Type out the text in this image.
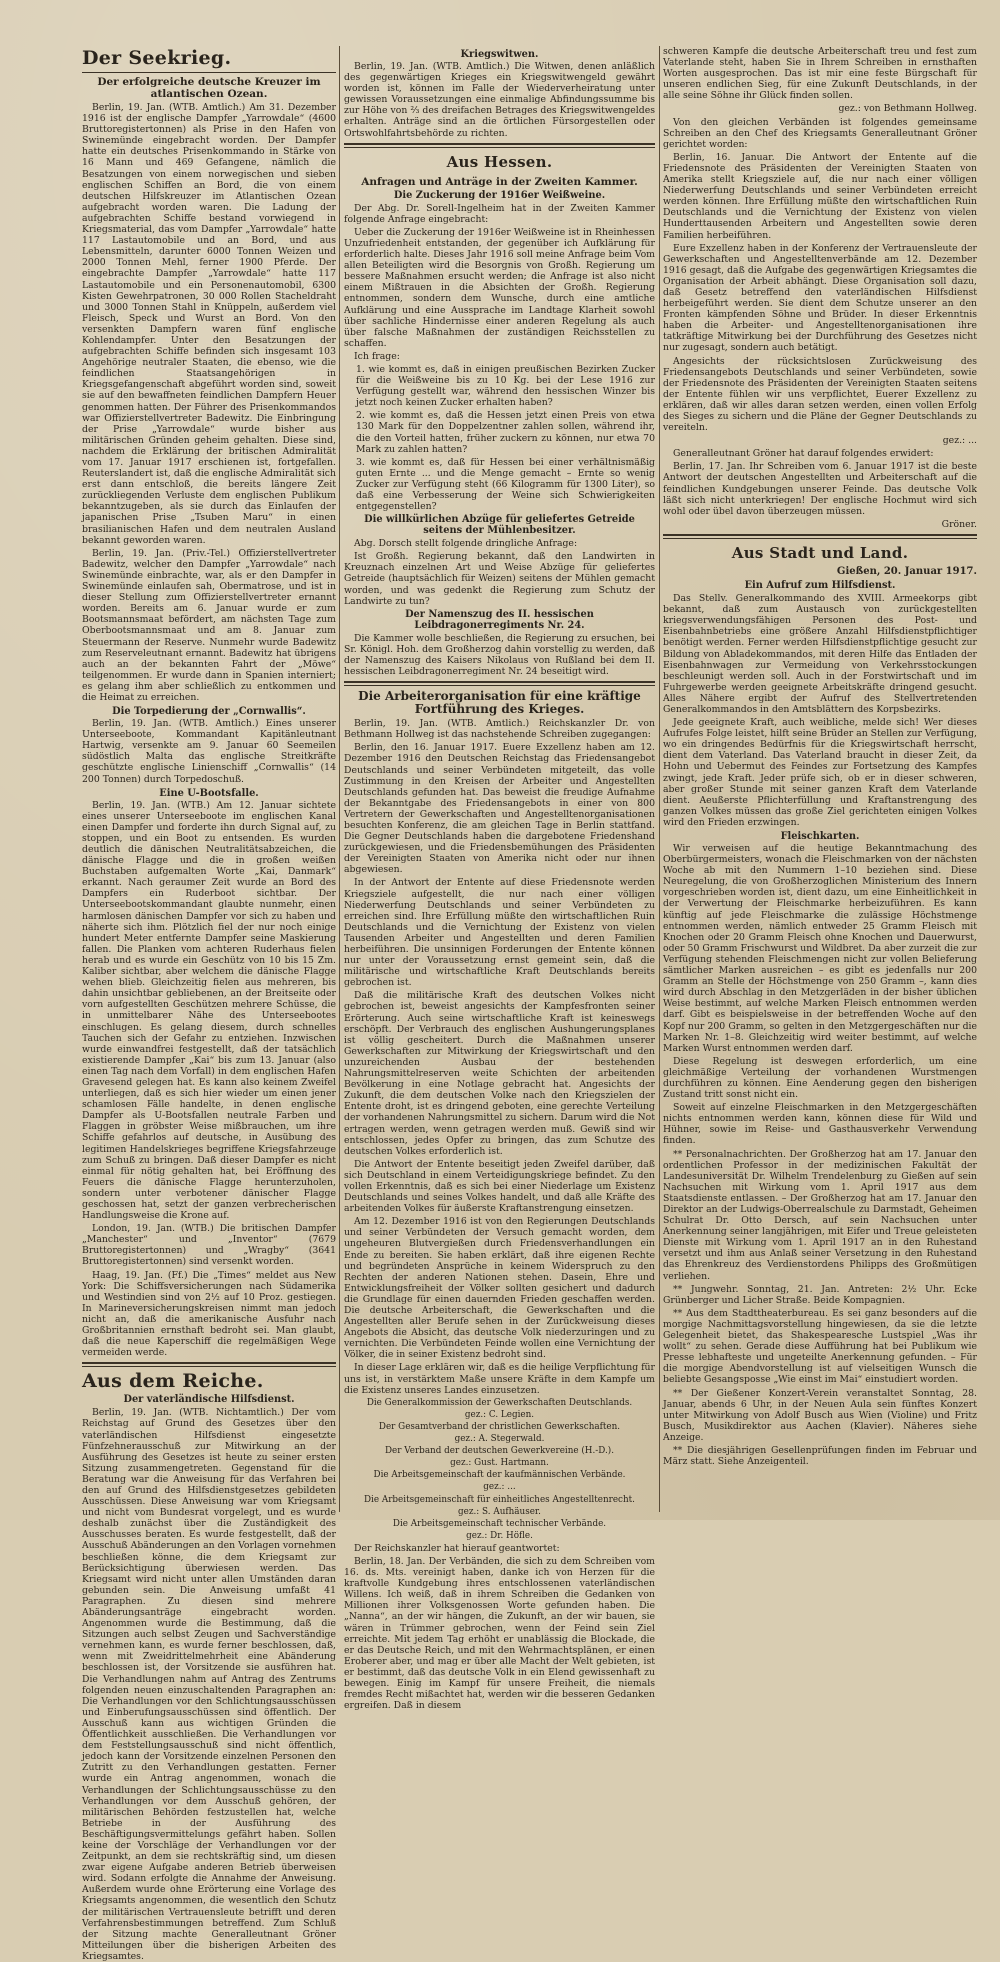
Der Seekrieg.
Der erfolgreiche deutsche Kreuzer im atlantischen Ozean.

Berlin, 19. Jan. (WTB. Amtlich.) Am 31. Dezember 1916 ist der englische Dampfer „Yarrowdale“ (4600 Bruttoregistertonnen) als Prise in den Hafen von Swinemünde eingebracht worden. Der Dampfer hatte ein deutsches Prisenkommando in Stärke von 16 Mann und 469 Gefangene, nämlich die Besatzungen von einem norwegischen und sieben englischen Schiffen an Bord, die von einem deutschen Hilfskreuzer im Atlantischen Ozean aufgebracht worden waren. Die Ladung der aufgebrachten Schiffe bestand vorwiegend in Kriegsmaterial, das vom Dampfer „Yarrowdale“ hatte 117 Lastautomobile und an Bord, und aus Lebensmitteln, darunter 6000 Tonnen Weizen und 2000 Tonnen Mehl, ferner 1900 Pferde. Der eingebrachte Dampfer „Yarrowdale“ hatte 117 Lastautomobile und ein Personenautomobil, 6300 Kisten Gewehrpatronen, 30 000 Rollen Stacheldraht und 3000 Tonnen Stahl in Knüppeln, außerdem viel Fleisch, Speck und Wurst an Bord. Von den versenkten Dampfern waren fünf englische Kohlendampfer. Unter den Besatzungen der aufgebrachten Schiffe befinden sich insgesamt 103 Angehörige neutraler Staaten, die ebenso, wie die feindlichen Staatsangehörigen in Kriegsgefangenschaft abgeführt worden sind, soweit sie auf den bewaffneten feindlichen Dampfern Heuer genommen hatten. Der Führer des Prisenkommandos war Offizierstellvertreter Badewitz. Die Einbringung der Prise „Yarrowdale“ wurde bisher aus militärischen Gründen geheim gehalten. Diese sind, nachdem die Erklärung der britischen Admiralität vom 17. Januar 1917 erschienen ist, fortgefallen. Reuterslandert ist, daß die englische Admiralität sich erst dann entschloß, die bereits längere Zeit zurückliegenden Verluste dem englischen Publikum bekanntzugeben, als sie durch das Einlaufen der japanischen Prise „Tsuben Maru“ in einen brasilianischen Hafen und dem neutralen Ausland bekannt geworden waren.

Berlin, 19. Jan. (Priv.-Tel.) Offizierstellvertreter Badewitz, welcher den Dampfer „Yarrowdale“ nach Swinemünde einbrachte, war, als er den Dampfer in Swinemünde einlaufen sah, Obermatrose, und ist in dieser Stellung zum Offizierstellvertreter ernannt worden. Bereits am 6. Januar wurde er zum Bootsmannsmaat befördert, am nächsten Tage zum Oberbootsmannsmaat und am 8. Januar zum Steuermann der Reserve. Nunmehr wurde Badewitz zum Reserveleutnant ernannt. Badewitz hat übrigens auch an der bekannten Fahrt der „Möwe“ teilgenommen. Er wurde dann in Spanien interniert; es gelang ihm aber schließlich zu entkommen und die Heimat zu erreichen.

Die Torpedierung der „Cornwallis“.

Berlin, 19. Jan. (WTB. Amtlich.) Eines unserer Unterseeboote, Kommandant Kapitänleutnant Hartwig, versenkte am 9. Januar 60 Seemeilen südöstlich Malta das englische Streitkräfte geschützte englische Linienschiff „Cornwallis“ (14 200 Tonnen) durch Torpedoschuß.

Eine U-Bootsfalle.

Berlin, 19. Jan. (WTB.) Am 12. Januar sichtete eines unserer Unterseeboote im englischen Kanal einen Dampfer und forderte ihn durch Signal auf, zu stoppen, und ein Boot zu entsenden. Es wurden deutlich die dänischen Neutralitätsabzeichen, die dänische Flagge und die in großen weißen Buchstaben aufgemalten Worte „Kai, Danmark“ erkannt. Nach geraumer Zeit wurde an Bord des Dampfers ein Ruderboot sichtbar. Der Unterseebootskommandant glaubte nunmehr, einen harmlosen dänischen Dampfer vor sich zu haben und näherte sich ihm. Plötzlich fiel der nur noch einige hundert Meter entfernte Dampfer seine Maskierung fallen. Die Planken vom achteren Ruderhaus fielen herab und es wurde ein Geschütz von 10 bis 15 Zm. Kaliber sichtbar, aber welchem die dänische Flagge wehen blieb. Gleichzeitig fielen aus mehreren, bis dahin unsichtbar gebliebenen, an der Breitseite oder vorn aufgestellten Geschützen mehrere Schüsse, die in unmittelbarer Nähe des Unterseebootes einschlugen. Es gelang diesem, durch schnelles Tauchen sich der Gefahr zu entziehen. Inzwischen wurde einwandfrei festgestellt, daß der tatsächlich existierende Dampfer „Kai“ bis zum 13. Januar (also einen Tag nach dem Vorfall) in dem englischen Hafen Gravesend gelegen hat. Es kann also keinem Zweifel unterliegen, daß es sich hier wieder um einen jener schamlosen Fälle handelte, in denen englische Dampfer als U-Bootsfallen neutrale Farben und Flaggen in gröbster Weise mißbrauchen, um ihre Schiffe gefahrlos auf deutsche, in Ausübung des legitimen Handelskrieges begriffene Kriegsfahrzeuge zum Schuß zu bringen. Daß dieser Dampfer es nicht einmal für nötig gehalten hat, bei Eröffnung des Feuers die dänische Flagge herunterzuholen, sondern unter verbotener dänischer Flagge geschossen hat, setzt der ganzen verbrecherischen Handlungsweise die Krone auf.

London, 19. Jan. (WTB.) Die britischen Dampfer „Manchester“ und „Inventor“ (7679 Bruttoregistertonnen) und „Wragby“ (3641 Bruttoregistertonnen) sind versenkt worden.

Haag, 19. Jan. (Ff.) Die „Times“ meldet aus New York: Die Schiffsversicherungen nach Südamerika und Westindien sind von 2½ auf 10 Proz. gestiegen. In Marineversicherungskreisen nimmt man jedoch nicht an, daß die amerikanische Ausfuhr nach Großbritannien ernsthaft bedroht sei. Man glaubt, daß die neue Kaperschiff die regelmäßigen Wege vermeiden werde.

Aus dem Reiche.
Der vaterländische Hilfsdienst.

Berlin, 19. Jan. (WTB. Nichtamtlich.) Der vom Reichstag auf Grund des Gesetzes über den vaterländischen Hilfsdienst eingesetzte Fünfzehnerausschuß zur Mitwirkung an der Ausführung des Gesetzes ist heute zu seiner ersten Sitzung zusammengetreten. Gegenstand für die Beratung war die Anweisung für das Verfahren bei den auf Grund des Hilfsdienstgesetzes gebildeten Ausschüssen. Diese Anweisung war vom Kriegsamt und nicht vom Bundesrat vorgelegt, und es wurde deshalb zunächst über die Zuständigkeit des Ausschusses beraten. Es wurde festgestellt, daß der Ausschuß Abänderungen an den Vorlagen vornehmen beschließen könne, die dem Kriegsamt zur Berücksichtigung überwiesen werden. Das Kriegsamt wird nicht unter allen Umständen daran gebunden sein. Die Anweisung umfaßt 41 Paragraphen. Zu diesen sind mehrere Abänderungsanträge eingebracht worden. Angenommen wurde die Bestimmung, daß die Sitzungen auch selbst Zeugen und Sachverständige vernehmen kann, es wurde ferner beschlossen, daß, wenn mit Zweidrittelmehrheit eine Abänderung beschlossen ist, der Vorsitzende sie ausführen hat. Die Verhandlungen nahm auf Antrag des Zentrums folgenden neuen einzuschaltenden Paragraphen an: Die Verhandlungen vor den Schlichtungsausschüssen und Einberufungsausschüssen sind öffentlich. Der Ausschuß kann aus wichtigen Gründen die Öffentlichkeit ausschließen. Die Verhandlungen vor dem Feststellungsausschuß sind nicht öffentlich, jedoch kann der Vorsitzende einzelnen Personen den Zutritt zu den Verhandlungen gestatten. Ferner wurde ein Antrag angenommen, wonach die Verhandlungen der Schlichtungsausschüsse zu den Verhandlungen vor dem Ausschuß gehören, der militärischen Behörden festzustellen hat, welche Betriebe in der Ausführung des Beschäftigungsvermittelungs gefährt haben. Sollen keine der Vorschläge der Verhandlungen vor der Zeitpunkt, an dem sie rechtskräftig sind, um diesen zwar eigene Aufgabe anderen Betrieb überweisen wird. Sodann erfolgte die Annahme der Anweisung. Außerdem wurde ohne Erörterung eine Vorlage des Kriegsamts angenommen, die wesentlich den Schutz der militärischen Vertrauensleute betrifft und deren Verfahrensbestimmungen betreffend. Zum Schluß der Sitzung machte Generalleutnant Gröner Mitteilungen über die bisherigen Arbeiten des Kriegsamtes.

Kriegswitwen.

Berlin, 19. Jan. (WTB. Amtlich.) Die Witwen, denen anläßlich des gegenwärtigen Krieges ein Kriegswitwengeld gewährt worden ist, können im Falle der Wiederverheiratung unter gewissen Voraussetzungen eine einmalige Abfindungssumme bis zur Höhe von ⅔ des dreifachen Betrages des Kriegswitwengeldes erhalten. Anträge sind an die örtlichen Fürsorgestellen oder Ortswohlfahrtsbehörde zu richten.

Aus Hessen.
Anfragen und Anträge in der Zweiten Kammer.
Die Zuckerung der 1916er Weißweine.

Der Abg. Dr. Sorell-Ingelheim hat in der Zweiten Kammer folgende Anfrage eingebracht:

Ueber die Zuckerung der 1916er Weißweine ist in Rheinhessen Unzufriedenheit entstanden, der gegenüber ich Aufklärung für erforderlich halte. Dieses Jahr 1916 soll meine Anfrage beim Vom allen Beteiligten wird die Besorgnis von Großh. Regierung um bessere Maßnahmen ersucht werden; die Anfrage ist also nicht einem Mißtrauen in die Absichten der Großh. Regierung entnommen, sondern dem Wunsche, durch eine amtliche Aufklärung und eine Aussprache im Landtage Klarheit sowohl über sachliche Hindernisse einer anderen Regelung als auch über falsche Maßnahmen der zuständigen Reichsstellen zu schaffen.

Ich frage:

1. wie kommt es, daß in einigen preußischen Bezirken Zucker für die Weißweine bis zu 10 Kg. bei der Lese 1916 zur Verfügung gestellt war, während den hessischen Winzer bis jetzt noch keinen Zucker erhalten haben?

2. wie kommt es, daß die Hessen jetzt einen Preis von etwa 130 Mark für den Doppelzentner zahlen sollen, während ihr, die den Vorteil hatten, früher zuckern zu können, nur etwa 70 Mark zu zahlen hatten?

3. wie kommt es, daß für Hessen bei einer verhältnismäßig guten Ernte ... und die Menge gemacht – Ernte so wenig Zucker zur Verfügung steht (66 Kilogramm für 1300 Liter), so daß eine Verbesserung der Weine sich Schwierigkeiten entgegenstellen?

Die willkürlichen Abzüge für geliefertes Getreide seitens der Mühlenbesitzer.

Abg. Dorsch stellt folgende dringliche Anfrage:

Ist Großh. Regierung bekannt, daß den Landwirten in Kreuznach einzelnen Art und Weise Abzüge für geliefertes Getreide (hauptsächlich für Weizen) seitens der Mühlen gemacht worden, und was gedenkt die Regierung zum Schutz der Landwirte zu tun?

Der Namenszug des II. hessischen Leibdragonerregiments Nr. 24.

Die Kammer wolle beschließen, die Regierung zu ersuchen, bei Sr. Königl. Hoh. dem Großherzog dahin vorstellig zu werden, daß der Namenszug des Kaisers Nikolaus von Rußland bei dem II. hessischen Leibdragonerregiment Nr. 24 beseitigt wird.

Die Arbeiterorganisation für eine kräftige Fortführung des Krieges.

Berlin, 19. Jan. (WTB. Amtlich.) Reichskanzler Dr. von Bethmann Hollweg ist das nachstehende Schreiben zugegangen:

Berlin, den 16. Januar 1917. Euere Exzellenz haben am 12. Dezember 1916 den Deutschen Reichstag das Friedensangebot Deutschlands und seiner Verbündeten mitgeteilt, das volle Zustimmung in den Kreisen der Arbeiter und Angestellten Deutschlands gefunden hat. Das beweist die freudige Aufnahme der Bekanntgabe des Friedensangebots in einer von 800 Vertretern der Gewerkschaften und Angestelltenorganisationen besuchten Konferenz, die am gleichen Tage in Berlin stattfand. Die Gegner Deutschlands haben die dargebotene Friedenshand zurückgewiesen, und die Friedensbemühungen des Präsidenten der Vereinigten Staaten von Amerika nicht oder nur ihnen abgewiesen.

In der Antwort der Entente auf diese Friedensnote werden Kriegsziele aufgestellt, die nur nach einer völligen Niederwerfung Deutschlands und seiner Verbündeten zu erreichen sind. Ihre Erfüllung müßte den wirtschaftlichen Ruin Deutschlands und die Vernichtung der Existenz von vielen Tausenden Arbeiter und Angestellten und deren Familien herbeiführen. Die unsinnigen Forderungen der Entente können nur unter der Voraussetzung ernst gemeint sein, daß die militärische und wirtschaftliche Kraft Deutschlands bereits gebrochen ist.

Daß die militärische Kraft des deutschen Volkes nicht gebrochen ist, beweist angesichts der Kampfesfronten seiner Erörterung. Auch seine wirtschaftliche Kraft ist keineswegs erschöpft. Der Verbrauch des englischen Aushungerungsplanes ist völlig gescheitert. Durch die Maßnahmen unserer Gewerkschaften zur Mitwirkung der Kriegswirtschaft und den unzureichenden Ausbau der bestehenden Nahrungsmittelreserven weite Schichten der arbeitenden Bevölkerung in eine Notlage gebracht hat. Angesichts der Zukunft, die dem deutschen Volke nach den Kriegszielen der Entente droht, ist es dringend geboten, eine gerechte Verteilung der vorhandenen Nahrungsmittel zu sichern. Darum wird die Not ertragen werden, wenn getragen werden muß. Gewiß sind wir entschlossen, jedes Opfer zu bringen, das zum Schutze des deutschen Volkes erforderlich ist.

Die Antwort der Entente beseitigt jeden Zweifel darüber, daß sich Deutschland in einem Verteidigungskriege befindet. Zu den vollen Erkenntnis, daß es sich bei einer Niederlage um Existenz Deutschlands und seines Volkes handelt, und daß alle Kräfte des arbeitenden Volkes für äußerste Kraftanstrengung einsetzen.

Am 12. Dezember 1916 ist von den Regierungen Deutschlands und seiner Verbündeten der Versuch gemacht worden, dem ungeheuren Blutvergießen durch Friedensverhandlungen ein Ende zu bereiten. Sie haben erklärt, daß ihre eigenen Rechte und begründeten Ansprüche in keinem Widerspruch zu den Rechten der anderen Nationen stehen. Dasein, Ehre und Entwicklungsfreiheit der Völker sollten gesichert und dadurch die Grundlage für einen dauernden Frieden geschaffen werden. Die deutsche Arbeiterschaft, die Gewerkschaften und die Angestellten aller Berufe sehen in der Zurückweisung dieses Angebots die Absicht, das deutsche Volk niederzuringen und zu vernichten. Die Verbündeten Feinde wollen eine Vernichtung der Völker, die in seiner Existenz bedroht sind.

In dieser Lage erklären wir, daß es die heilige Verpflichtung für uns ist, in verstärktem Maße unsere Kräfte in dem Kampfe um die Existenz unseres Landes einzusetzen.

Die Generalkommission der Gewerkschaften Deutschlands.
gez.: C. Legien.
Der Gesamtverband der christlichen Gewerkschaften.
gez.: A. Stegerwald.
Der Verband der deutschen Gewerkvereine (H.-D.).
gez.: Gust. Hartmann.
Die Arbeitsgemeinschaft der kaufmännischen Verbände.
gez.: ...
Die Arbeitsgemeinschaft für einheitliches Angestelltenrecht.
gez.: S. Aufhäuser.
Die Arbeitsgemeinschaft technischer Verbände.
gez.: Dr. Höfle.

Der Reichskanzler hat hierauf geantwortet:

Berlin, 18. Jan. Der Verbänden, die sich zu dem Schreiben vom 16. ds. Mts. vereinigt haben, danke ich von Herzen für die kraftvolle Kundgebung ihres entschlossenen vaterländischen Willens. Ich weiß, daß in ihrem Schreiben die Gedanken von Millionen ihrer Volksgenossen Worte gefunden haben. Die „Nanna“, an der wir hängen, die Zukunft, an der wir bauen, sie wären in Trümmer gebrochen, wenn der Feind sein Ziel erreichte. Mit jedem Tag erhöht er unablässig die Blockade, die er das Deutsche Reich, und mit den Wehrmachtsplänen, er einen Eroberer aber, und mag er über alle Macht der Welt gebieten, ist er bestimmt, daß das deutsche Volk in ein Elend gewissenhaft zu bewegen. Einig im Kampf für unsere Freiheit, die niemals fremdes Recht mißachtet hat, werden wir die besseren Gedanken ergreifen. Daß in diesem

schweren Kampfe die deutsche Arbeiterschaft treu und fest zum Vaterlande steht, haben Sie in Ihrem Schreiben in ernsthaften Worten ausgesprochen. Das ist mir eine feste Bürgschaft für unseren endlichen Sieg, für eine Zukunft Deutschlands, in der alle seine Söhne ihr Glück finden sollen.

gez.: von Bethmann Hollweg.

Von den gleichen Verbänden ist folgendes gemeinsame Schreiben an den Chef des Kriegsamts Generalleutnant Gröner gerichtet worden:

Berlin, 16. Januar. Die Antwort der Entente auf die Friedensnote des Präsidenten der Vereinigten Staaten von Amerika stellt Kriegsziele auf, die nur nach einer völligen Niederwerfung Deutschlands und seiner Verbündeten erreicht werden können. Ihre Erfüllung müßte den wirtschaftlichen Ruin Deutschlands und die Vernichtung der Existenz von vielen Hunderttausenden Arbeitern und Angestellten sowie deren Familien herbeiführen.

Eure Exzellenz haben in der Konferenz der Vertrauensleute der Gewerkschaften und Angestelltenverbände am 12. Dezember 1916 gesagt, daß die Aufgabe des gegenwärtigen Kriegsamtes die Organisation der Arbeit abhängt. Diese Organisation soll dazu, daß Gesetz betreffend den vaterländischen Hilfsdienst herbeigeführt werden. Sie dient dem Schutze unserer an den Fronten kämpfenden Söhne und Brüder. In dieser Erkenntnis haben die Arbeiter- und Angestelltenorganisationen ihre tatkräftige Mitwirkung bei der Durchführung des Gesetzes nicht nur zugesagt, sondern auch betätigt.

Angesichts der rücksichtslosen Zurückweisung des Friedensangebots Deutschlands und seiner Verbündeten, sowie der Friedensnote des Präsidenten der Vereinigten Staaten seitens der Entente fühlen wir uns verpflichtet, Euerer Exzellenz zu erklären, daß wir alles daran setzen werden, einen vollen Erfolg des Sieges zu sichern und die Pläne der Gegner Deutschlands zu vereiteln.

gez.: ...

Generalleutnant Gröner hat darauf folgendes erwidert:

Berlin, 17. Jan. Ihr Schreiben vom 6. Januar 1917 ist die beste Antwort der deutschen Angestellten und Arbeiterschaft auf die feindlichen Kundgebungen unserer Feinde. Das deutsche Volk läßt sich nicht unterkriegen! Der englische Hochmut wird sich wohl oder übel davon überzeugen müssen.

Gröner.
Aus Stadt und Land.
Gießen, 20. Januar 1917.
Ein Aufruf zum Hilfsdienst.

Das Stellv. Generalkommando des XVIII. Armeekorps gibt bekannt, daß zum Austausch von zurückgestellten kriegsverwendungsfähigen Personen des Post- und Eisenbahnbetriebs eine größere Anzahl Hilfsdienstpflichtiger benötigt werden. Ferner werden Hilfsdienstpflichtige gesucht zur Bildung von Abladekommandos, mit deren Hilfe das Entladen der Eisenbahnwagen zur Vermeidung von Verkehrsstockungen beschleunigt werden soll. Auch in der Forstwirtschaft und im Fuhrgewerbe werden geeignete Arbeitskräfte dringend gesucht. Alles Nähere ergibt der Aufruf des Stellvertretenden Generalkommandos in den Amtsblättern des Korpsbezirks.

Jede geeignete Kraft, auch weibliche, melde sich! Wer dieses Aufrufes Folge leistet, hilft seine Brüder an Stellen zur Verfügung, wo ein dringendes Bedürfnis für die Kriegswirtschaft herrscht, dient dem Vaterland. Das Vaterland braucht in dieser Zeit, da Hohn und Uebermut des Feindes zur Fortsetzung des Kampfes zwingt, jede Kraft. Jeder prüfe sich, ob er in dieser schweren, aber großer Stunde mit seiner ganzen Kraft dem Vaterlande dient. Aeußerste Pflichterfüllung und Kraftanstrengung des ganzen Volkes müssen das große Ziel gerichteten einigen Volkes wird den Frieden erzwingen.

Fleischkarten.

Wir verweisen auf die heutige Bekanntmachung des Oberbürgermeisters, wonach die Fleischmarken von der nächsten Woche ab mit den Nummern 1–10 beziehen sind. Diese Neuregelung, die von Großherzoglichen Ministerium des Innern vorgeschrieben worden ist, dient dazu, um eine Einheitlichkeit in der Verwertung der Fleischmarke herbeizuführen. Es kann künftig auf jede Fleischmarke die zulässige Höchstmenge entnommen werden, nämlich entweder 25 Gramm Fleisch mit Knochen oder 20 Gramm Fleisch ohne Knochen und Dauerwurst, oder 50 Gramm Frischwurst und Wildbret. Da aber zurzeit die zur Verfügung stehenden Fleischmengen nicht zur vollen Belieferung sämtlicher Marken ausreichen – es gibt es jedenfalls nur 200 Gramm an Stelle der Höchstmenge von 250 Gramm –, kann dies wird durch Abschlag in den Metzgerläden in der bisher üblichen Weise bestimmt, auf welche Marken Fleisch entnommen werden darf. Gibt es beispielsweise in der betreffenden Woche auf den Kopf nur 200 Gramm, so gelten in den Metzgergeschäften nur die Marken Nr. 1–8. Gleichzeitig wird weiter bestimmt, auf welche Marken Wurst entnommen werden darf.

Diese Regelung ist deswegen erforderlich, um eine gleichmäßige Verteilung der vorhandenen Wurstmengen durchführen zu können. Eine Aenderung gegen den bisherigen Zustand tritt sonst nicht ein.

Soweit auf einzelne Fleischmarken in den Metzgergeschäften nichts entnommen werden kann, können diese für Wild und Hühner, sowie im Reise- und Gasthausverkehr Verwendung finden.

** Personalnachrichten. Der Großherzog hat am 17. Januar den ordentlichen Professor in der medizinischen Fakultät der Landesuniversität Dr. Wilhelm Trendelenburg zu Gießen auf sein Nachsuchen mit Wirkung vom 1. April 1917 aus dem Staatsdienste entlassen. – Der Großherzog hat am 17. Januar den Direktor an der Ludwigs-Oberrealschule zu Darmstadt, Geheimen Schulrat Dr. Otto Dersch, auf sein Nachsuchen unter Anerkennung seiner langjährigen, mit Eifer und Treue geleisteten Dienste mit Wirkung vom 1. April 1917 an in den Ruhestand versetzt und ihm aus Anlaß seiner Versetzung in den Ruhestand das Ehrenkreuz des Verdienstordens Philipps des Großmütigen verliehen.

** Jungwehr. Sonntag, 21. Jan. Antreten: 2½ Uhr. Ecke Grünberger und Licher Straße. Beide Kompagnien.

** Aus dem Stadttheaterbureau. Es sei ganz besonders auf die morgige Nachmittagsvorstellung hingewiesen, da sie die letzte Gelegenheit bietet, das Shakespearesche Lustspiel „Was ihr wollt“ zu sehen. Gerade diese Aufführung hat bei Publikum wie Presse lebhafteste und ungeteilte Anerkennung gefunden. – Für die morgige Abendvorstellung ist auf vielseitigen Wunsch die beliebte Gesangsposse „Wie einst im Mai“ einstudiert worden.

** Der Gießener Konzert-Verein veranstaltet Sonntag, 28. Januar, abends 6 Uhr, in der Neuen Aula sein fünftes Konzert unter Mitwirkung von Adolf Busch aus Wien (Violine) und Fritz Busch, Musikdirektor aus Aachen (Klavier). Näheres siehe Anzeige.

** Die diesjährigen Gesellenprüfungen finden im Februar und März statt. Siehe Anzeigenteil.
